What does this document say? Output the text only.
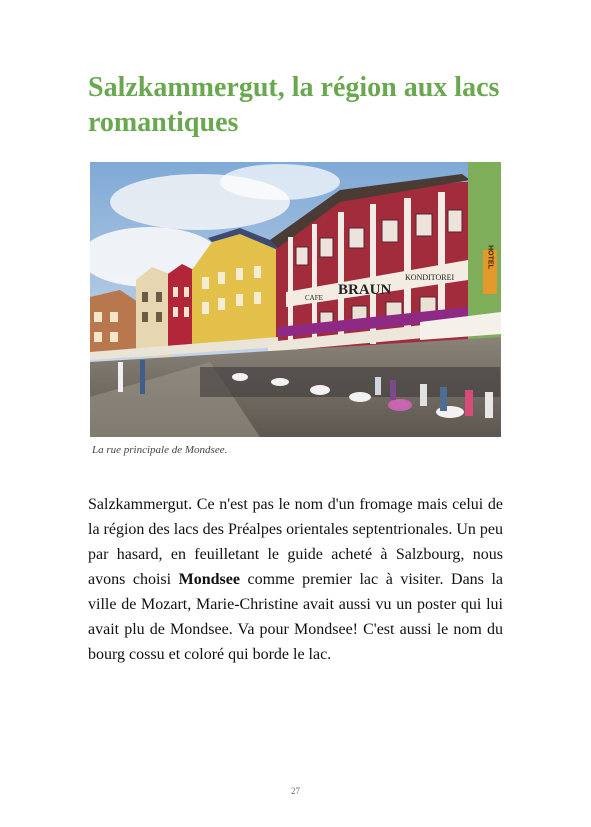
Salzkammergut, la région aux lacs romantiques
CAFE BRAUN
KONDITOREI
HOTEL
La rue principale de Mondsee.

Salzkammergut. Ce n'est pas le nom d'un fromage mais celui de la région des lacs des Préalpes orientales septentrionales. Un peu par hasard, en feuilletant le guide acheté à Salzbourg, nous avons choisi Mondsee comme premier lac à visiter. Dans la ville de Mozart, Marie-Christine avait aussi vu un poster qui lui avait plu de Mondsee. Va pour Mondsee! C'est aussi le nom du bourg cossu et coloré qui borde le lac.

27
